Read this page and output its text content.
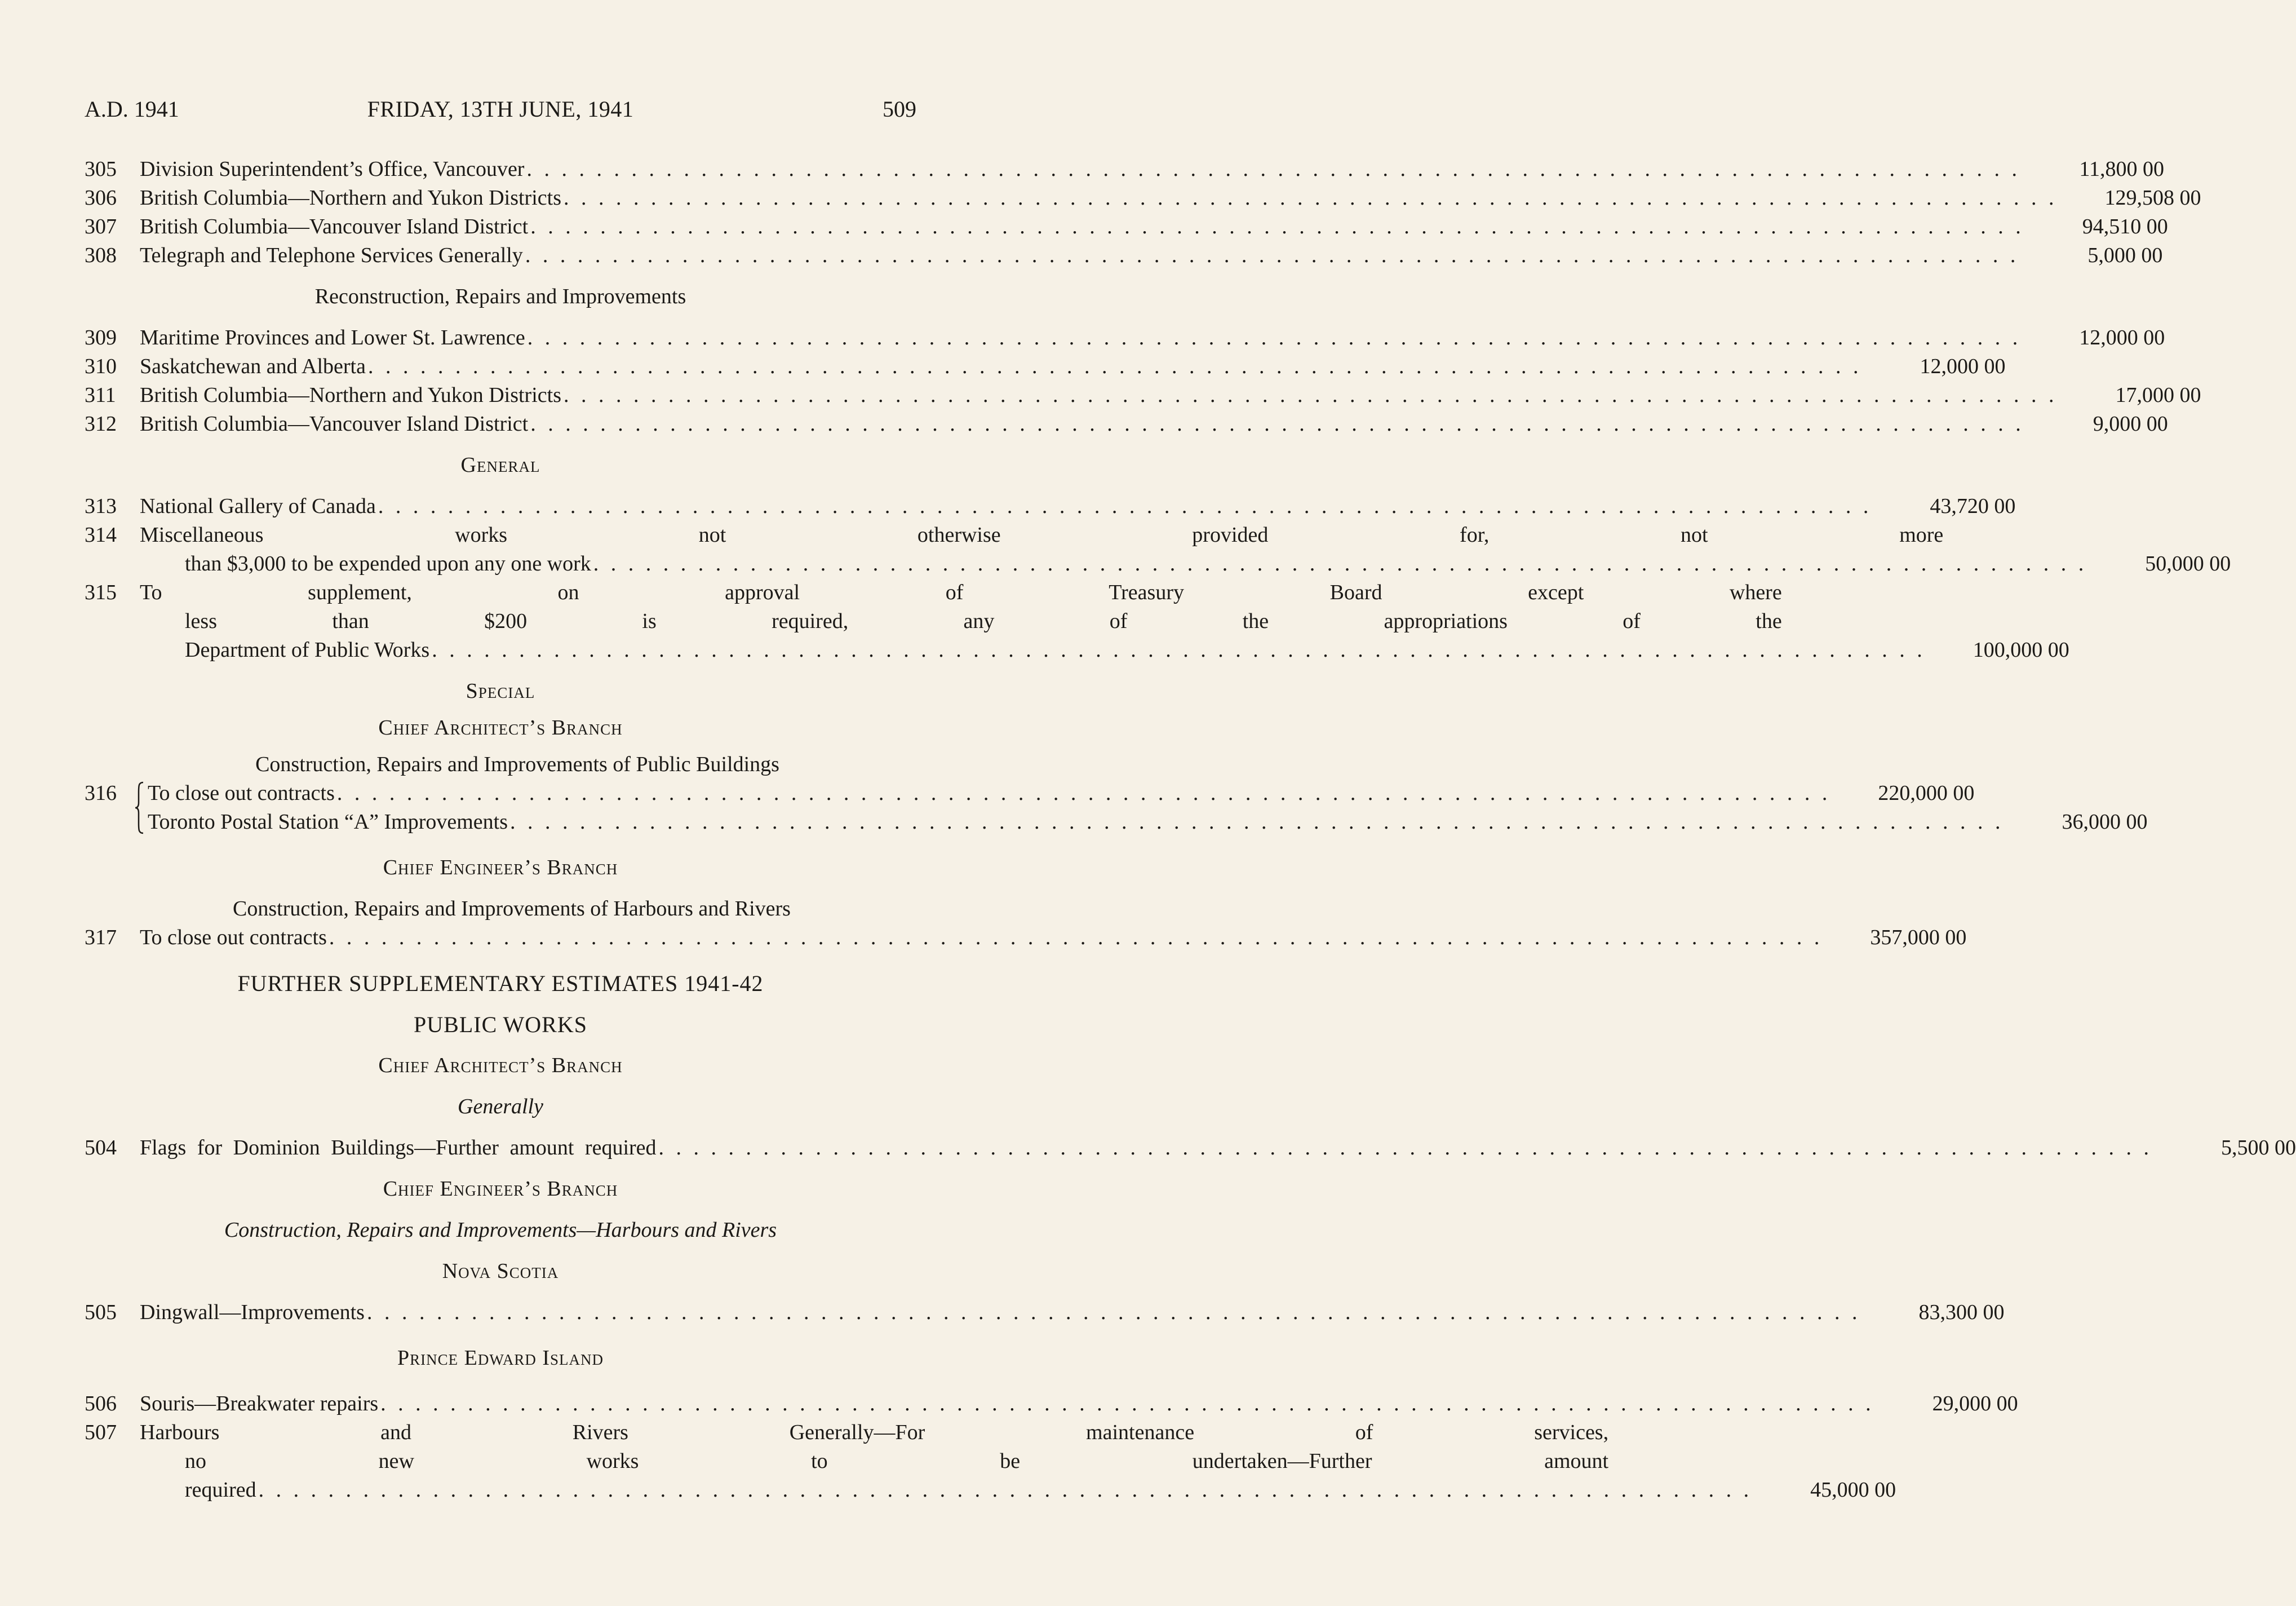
A.D. 1941	FRIDAY, 13TH JUNE, 1941	509
305	Division Superintendent’s Office, Vancouver . . .	11,800 00
306	British Columbia—Northern and Yukon Districts . . .	129,508 00
307	British Columbia—Vancouver Island District . . .	94,510 00
308	Telegraph and Telephone Services Generally . . .	5,000 00
Reconstruction, Repairs and Improvements
309	Maritime Provinces and Lower St. Lawrence . . .	12,000 00
310	Saskatchewan and Alberta . . .	12,000 00
311	British Columbia—Northern and Yukon Districts . . .	17,000 00
312	British Columbia—Vancouver Island District . . .	9,000 00
General
313	National Gallery of Canada . . .	43,720 00
314	Miscellaneous works not otherwise provided for, not more
than $3,000 to be expended upon any one work . . .	50,000 00
315	To supplement, on approval of Treasury Board except where
less than $200 is required, any of the appropriations of the
Department of Public Works . . .	100,000 00
Special
Chief Architect’s Branch
Construction, Repairs and Improvements of Public Buildings
316	To close out contracts . . .	220,000 00
Toronto Postal Station “A” Improvements . . .	36,000 00
Chief Engineer’s Branch
Construction, Repairs and Improvements of Harbours and Rivers
317	To close out contracts . . .	357,000 00
FURTHER SUPPLEMENTARY ESTIMATES 1941-42
PUBLIC WORKS
Chief Architect’s Branch
Generally
504	Flags for Dominion Buildings—Further amount required . . .	5,500 00
Chief Engineer’s Branch
Construction, Repairs and Improvements—Harbours and Rivers
Nova Scotia
505	Dingwall—Improvements . . .	83,300 00
Prince Edward Island
506	Souris—Breakwater repairs . . .	29,000 00
507	Harbours and Rivers Generally—For maintenance of services,
no new works to be undertaken—Further amount
required . . .	45,000 00
